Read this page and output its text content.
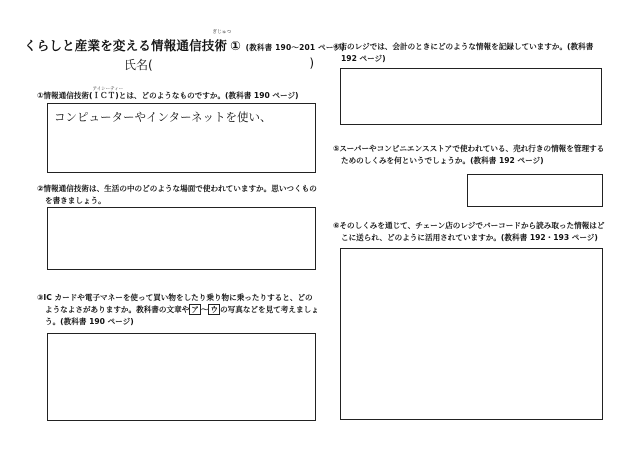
くらしと産業を変える情報通信技
ぎじゅつ
術 ① (教科書 190～201 ページ)
氏名(	)
①情報通信技術(
アイシーティー
ＩＣＴ)とは、どのようなものですか。(教科書 190 ページ)
コンピューターやインターネットを使い、
②情報通信技術は、生活の中のどのような場面で使われていますか。思いつくもの
を書きましょう。
③IC カードや電子マネーを使って買い物をしたり乗り物に乗ったりすると、どの
ようなよさがありますか。教科書の文章や ア ～ ウ の写真などを見て考えましょ
う。(教科書 190 ページ)
④店のレジでは、会計のときにどのような情報を記録していますか。(教科書
192 ページ)
⑤スーパーやコンビニエンスストアで使われている、売れ行きの情報を管理する
ためのしくみを何というでしょうか。(教科書 192 ページ)
⑥そのしくみを通じて、チェーン店のレジでバーコードから読み取った情報はど
こに送られ、どのように活用されていますか。(教科書 192・193 ページ)
